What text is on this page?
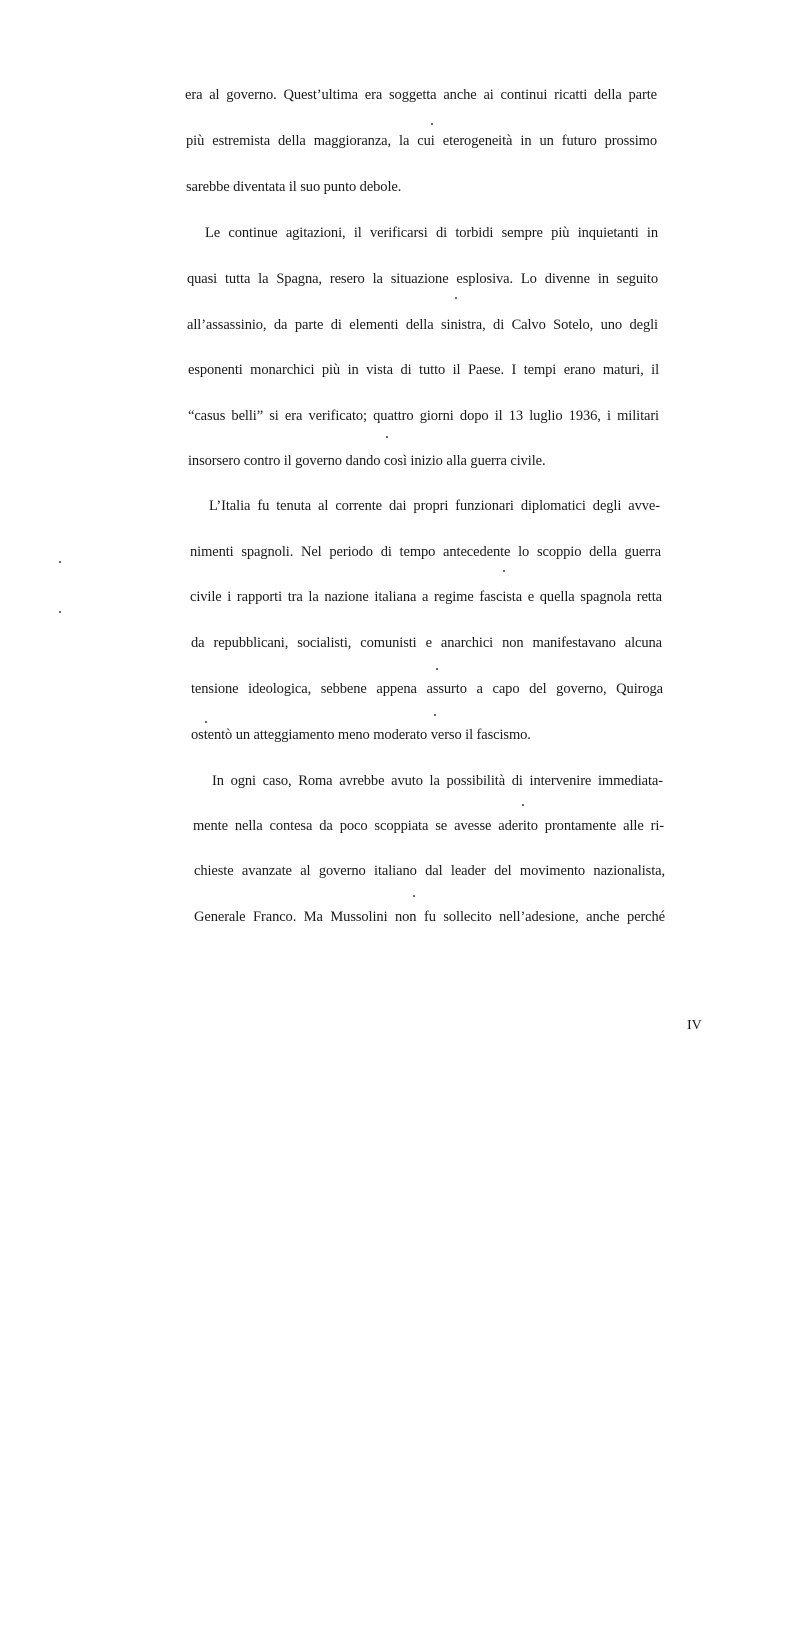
era al governo. Quest’ultima era soggetta anche ai continui ricatti della parte
più estremista della maggioranza, la cui eterogeneità in un futuro prossimo
sarebbe diventata il suo punto debole.
Le continue agitazioni, il verificarsi di torbidi sempre più inquietanti in
quasi tutta la Spagna, resero la situazione esplosiva. Lo divenne in seguito
all’assassinio, da parte di elementi della sinistra, di Calvo Sotelo, uno degli
esponenti monarchici più in vista di tutto il Paese. I tempi erano maturi, il
“casus belli” si era verificato; quattro giorni dopo il 13 luglio 1936, i militari
insorsero contro il governo dando così inizio alla guerra civile.
L’Italia fu tenuta al corrente dai propri funzionari diplomatici degli avve-
nimenti spagnoli. Nel periodo di tempo antecedente lo scoppio della guerra
civile i rapporti tra la nazione italiana a regime fascista e quella spagnola retta
da repubblicani, socialisti, comunisti e anarchici non manifestavano alcuna
tensione ideologica, sebbene appena assurto a capo del governo, Quiroga
ostentò un atteggiamento meno moderato verso il fascismo.
In ogni caso, Roma avrebbe avuto la possibilità di intervenire immediata-
mente nella contesa da poco scoppiata se avesse aderito prontamente alle ri-
chieste avanzate al governo italiano dal leader del movimento nazionalista,
Generale Franco. Ma Mussolini non fu sollecito nell’adesione, anche perché
IV
